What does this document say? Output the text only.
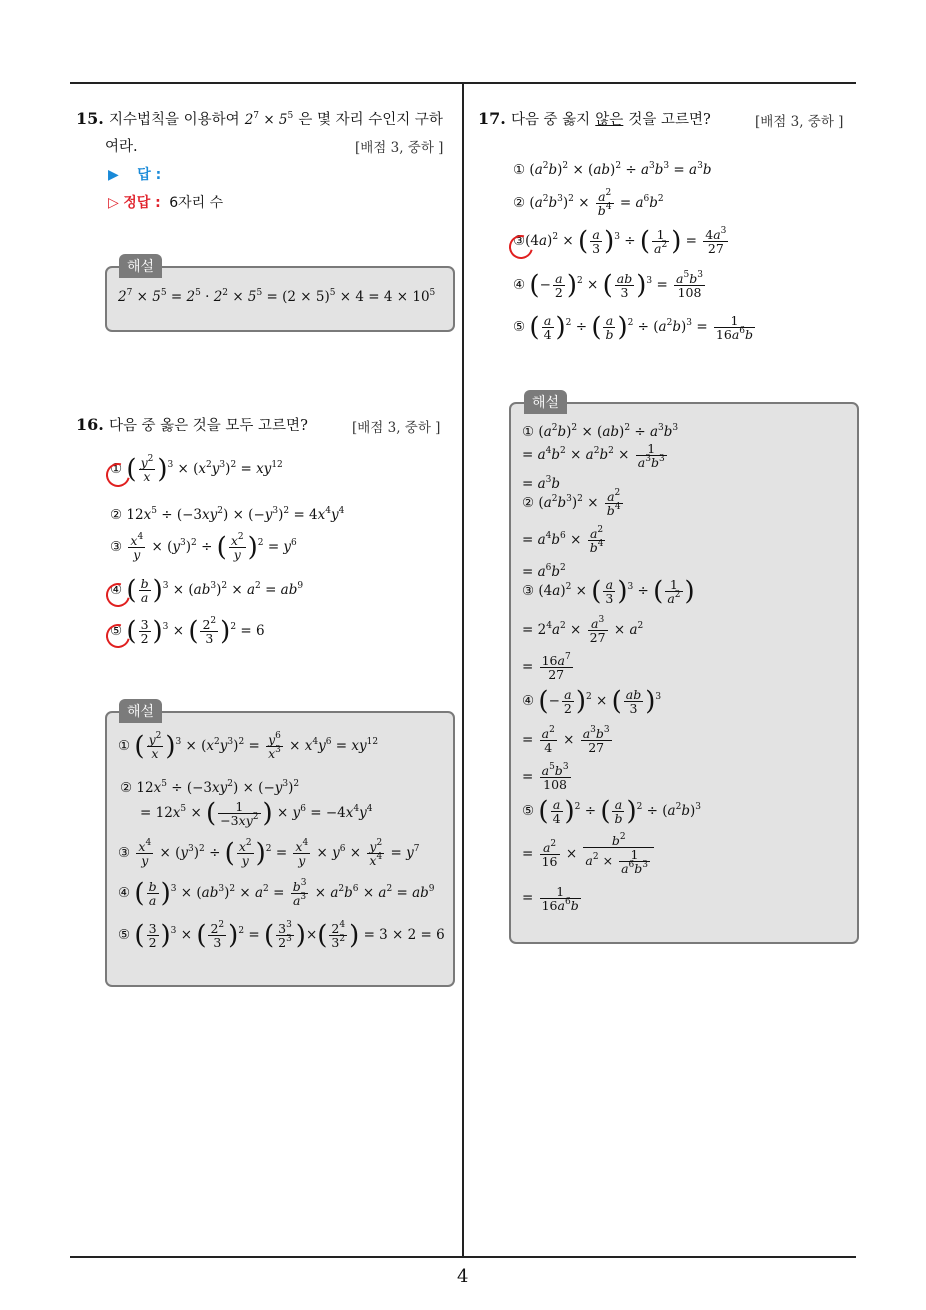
4
15. 지수법칙을 이용하여 $2^7 \times 5^5$ 은 몇 자리 수인지 구하
여라.	[배점 3, 중하 ]
▶ 답 :
▷ 정답 : 6자리 수
해설
$2^7 \times 5^5 = 2^5 \cdot 2^2 \times 5^5 = (2 \times 5)^5 \times 4 = 4 \times 10^5$
16. 다음 중 옳은 것을 모두 고르면?	[배점 3, 중하 ]
① ( $\frac{y^2}{x} )^3 \times (x^2y^3)^2 = xy^{12}$
② $12x^5 \div (-3xy^2) \times (-y^3)^2 = 4x^4y^4$
③ $\frac{x^4}{y} \times (y^3)^2$ ÷ ( $\frac{x^2}{y} )^2 = y^6$
④ ( $\frac{b}{a} )^3 \times (ab^3)^2 \times a^2 = ab^9$
⑤ ( $\frac{3}{2} )^3$ × ( $\frac{2^2}{3} )^2 = 6$
해설
① ( $\frac{y^2}{x} )^3 \times (x^2y^3)^2 = \frac{y^6}{x^3} \times x^4y^6 = xy^{12}$
② $12x^5 \div (-3xy^2) \times (-y^3)^2$
= $12x^5$ × ( $\frac{1}{-3xy^2}$ ) × $y^6 = -4x^4y^4$
③ $\frac{x^4}{y} \times (y^3)^2$ ÷ ( $\frac{x^2}{y} )^2 = \frac{x^4}{y} \times y^6 \times \frac{y^2}{x^4} = y^7$
④ ( $\frac{b}{a} )^3 \times (ab^3)^2 \times a^2 = \frac{b^3}{a^3} \times a^2b^6 \times a^2 = ab^9$
⑤ ( $\frac{3}{2} )^3$ × ( $\frac{2^2}{3} )^2$ = ( $\frac{3^3}{2^3}$ )×( $\frac{2^4}{3^2}$ ) = 3 × 2 = 6
17. 다음 중 옳지 않은 것을 고르면?	[배점 3, 중하 ]
① $(a^2b)^2 \times (ab)^2 \div a^3b^3 = a^3b$
② $(a^2b^3)^2 \times \frac{a^2}{b^4} = a^6b^2$
$③(4a)^2$ × ( $\frac{a}{3} )^3$ ÷ ( $\frac{1}{a^2}$ ) = $\frac{4a^3}{27}$
④ (− $\frac{a}{2} )^2$ × ( $\frac{ab}{3} )^3 = \frac{a^5b^3}{108}$
⑤ ( $\frac{a}{4} )^2$ ÷ ( $\frac{a}{b} )^2 \div (a^2b)^3 = \frac{1}{16a^6b}$
해설
① $(a^2b)^2 \times (ab)^2 \div a^3b^3$
= $a^4b^2 \times a^2b^2 \times \frac{1}{a^3b^3}$
= $a^3b$
② $(a^2b^3)^2 \times \frac{a^2}{b^4}$
= $a^4b^6 \times \frac{a^2}{b^4}$
= $a^6b^2$
③ $(4a)^2$ × ( $\frac{a}{3} )^3$ ÷ ( $\frac{1}{a^2}$ )
= $2^4a^2 \times \frac{a^3}{27} \times a^2$
= $\frac{16a^7}{27}$
④ (− $\frac{a}{2} )^2$ × ( $\frac{ab}{3} )^3$
= $\frac{a^2}{4} \times \frac{a^3b^3}{27}$
= $\frac{a^5b^3}{108}$
⑤ ( $\frac{a}{4} )^2$ ÷ ( $\frac{a}{b} )^2 \div (a^2b)^3$
= $\frac{a^2}{16} \times \frac{b^2}{a^2 \times \frac{1}{a^6b^3}}$
= $\frac{1}{16a^6b}$
